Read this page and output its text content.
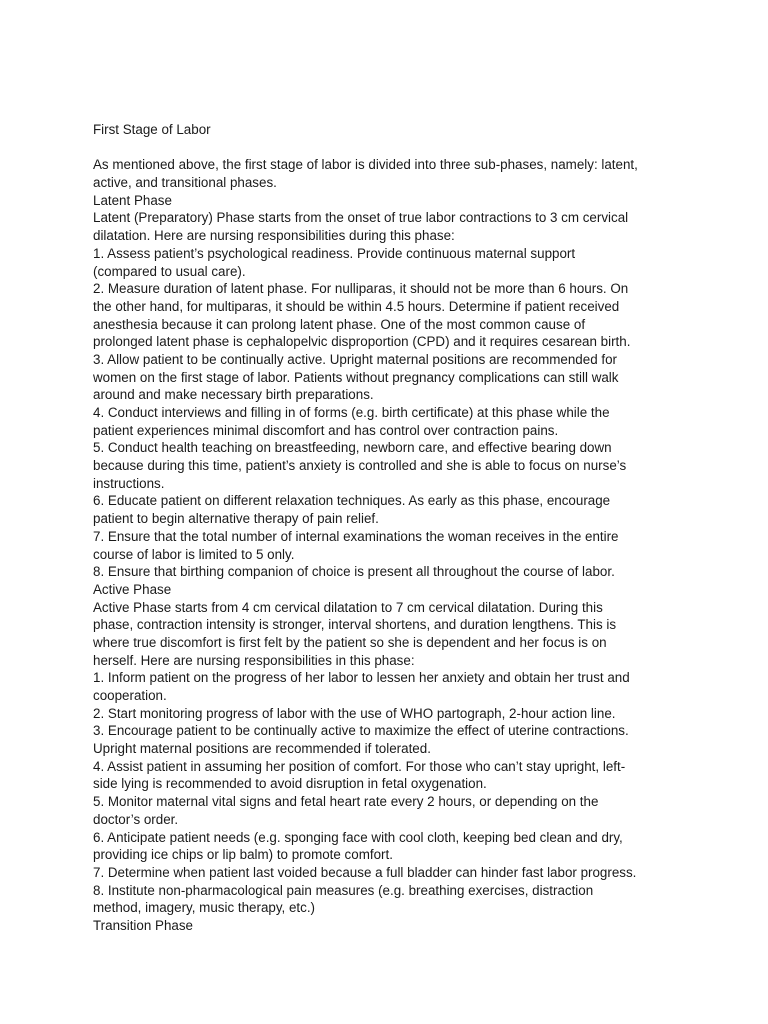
First Stage of Labor
As mentioned above, the first stage of labor is divided into three sub-phases, namely: latent,
active, and transitional phases.
Latent Phase
Latent (Preparatory) Phase starts from the onset of true labor contractions to 3 cm cervical
dilatation. Here are nursing responsibilities during this phase:
1. Assess patient’s psychological readiness. Provide continuous maternal support
(compared to usual care).
2. Measure duration of latent phase. For nulliparas, it should not be more than 6 hours. On
the other hand, for multiparas, it should be within 4.5 hours. Determine if patient received
anesthesia because it can prolong latent phase. One of the most common cause of
prolonged latent phase is cephalopelvic disproportion (CPD) and it requires cesarean birth.
3. Allow patient to be continually active. Upright maternal positions are recommended for
women on the first stage of labor. Patients without pregnancy complications can still walk
around and make necessary birth preparations.
4. Conduct interviews and filling in of forms (e.g. birth certificate) at this phase while the
patient experiences minimal discomfort and has control over contraction pains.
5. Conduct health teaching on breastfeeding, newborn care, and effective bearing down
because during this time, patient’s anxiety is controlled and she is able to focus on nurse’s
instructions.
6. Educate patient on different relaxation techniques. As early as this phase, encourage
patient to begin alternative therapy of pain relief.
7. Ensure that the total number of internal examinations the woman receives in the entire
course of labor is limited to 5 only.
8. Ensure that birthing companion of choice is present all throughout the course of labor.
Active Phase
Active Phase starts from 4 cm cervical dilatation to 7 cm cervical dilatation. During this
phase, contraction intensity is stronger, interval shortens, and duration lengthens. This is
where true discomfort is first felt by the patient so she is dependent and her focus is on
herself. Here are nursing responsibilities in this phase:
1. Inform patient on the progress of her labor to lessen her anxiety and obtain her trust and
cooperation.
2. Start monitoring progress of labor with the use of WHO partograph, 2-hour action line.
3. Encourage patient to be continually active to maximize the effect of uterine contractions.
Upright maternal positions are recommended if tolerated.
4. Assist patient in assuming her position of comfort. For those who can’t stay upright, left-
side lying is recommended to avoid disruption in fetal oxygenation.
5. Monitor maternal vital signs and fetal heart rate every 2 hours, or depending on the
doctor’s order.
6. Anticipate patient needs (e.g. sponging face with cool cloth, keeping bed clean and dry,
providing ice chips or lip balm) to promote comfort.
7. Determine when patient last voided because a full bladder can hinder fast labor progress.
8. Institute non-pharmacological pain measures (e.g. breathing exercises, distraction
method, imagery, music therapy, etc.)
Transition Phase
